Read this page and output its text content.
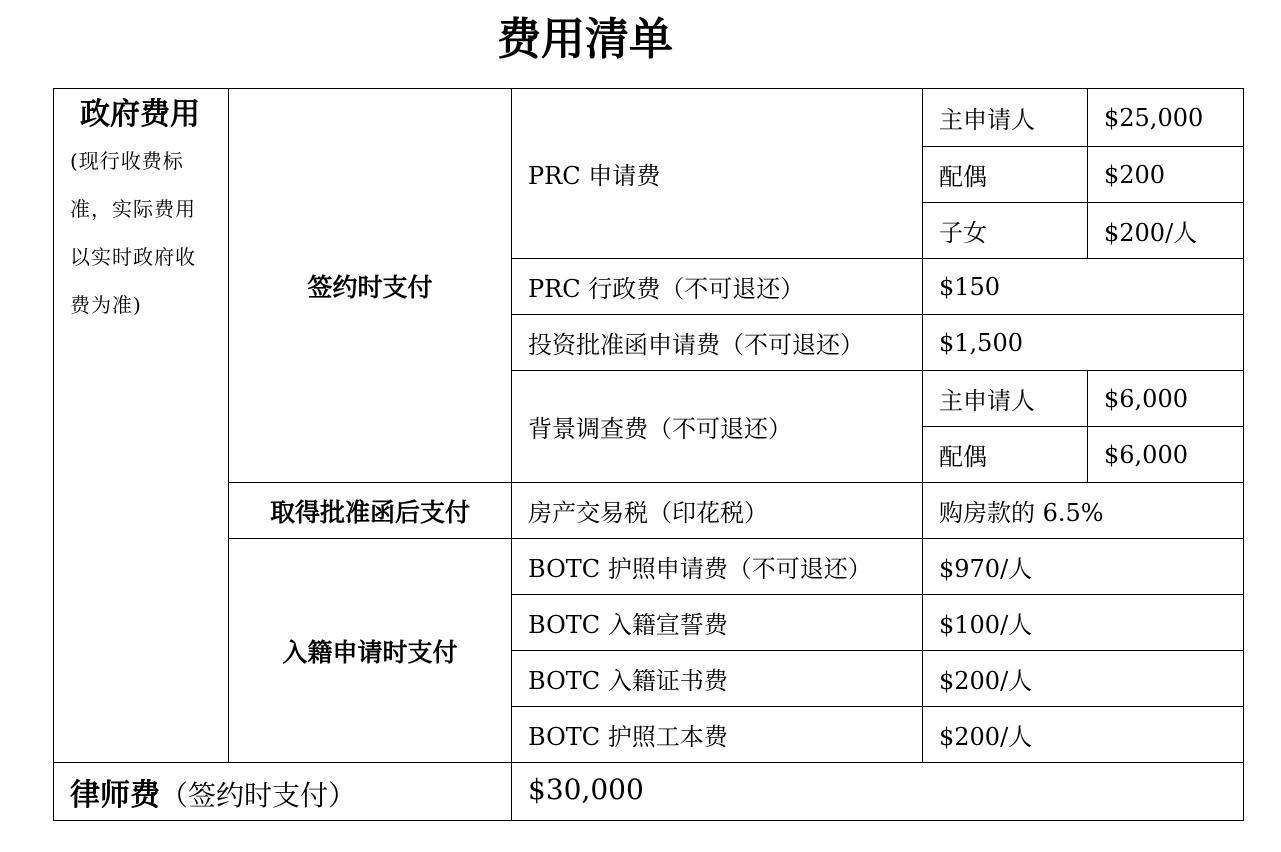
费用清单
政府费用
(现行收费标准，实际费用以实时政府收费为准)	签约时支付	PRC 申请费	主申请人	$25,000
			配偶	$200
			子女	$200/人
		PRC 行政费（不可退还）	$150	
		投资批准函申请费（不可退还）	$1,500	
		背景调查费（不可退还）	主申请人	$6,000
			配偶	$6,000
	取得批准函后支付	房产交易税（印花税）	购房款的 6.5%	
	入籍申请时支付	BOTC 护照申请费（不可退还）	$970/人	
		BOTC 入籍宣誓费	$100/人	
		BOTC 入籍证书费	$200/人	
		BOTC 护照工本费	$200/人	
律师费（签约时支付）		$30,000		
